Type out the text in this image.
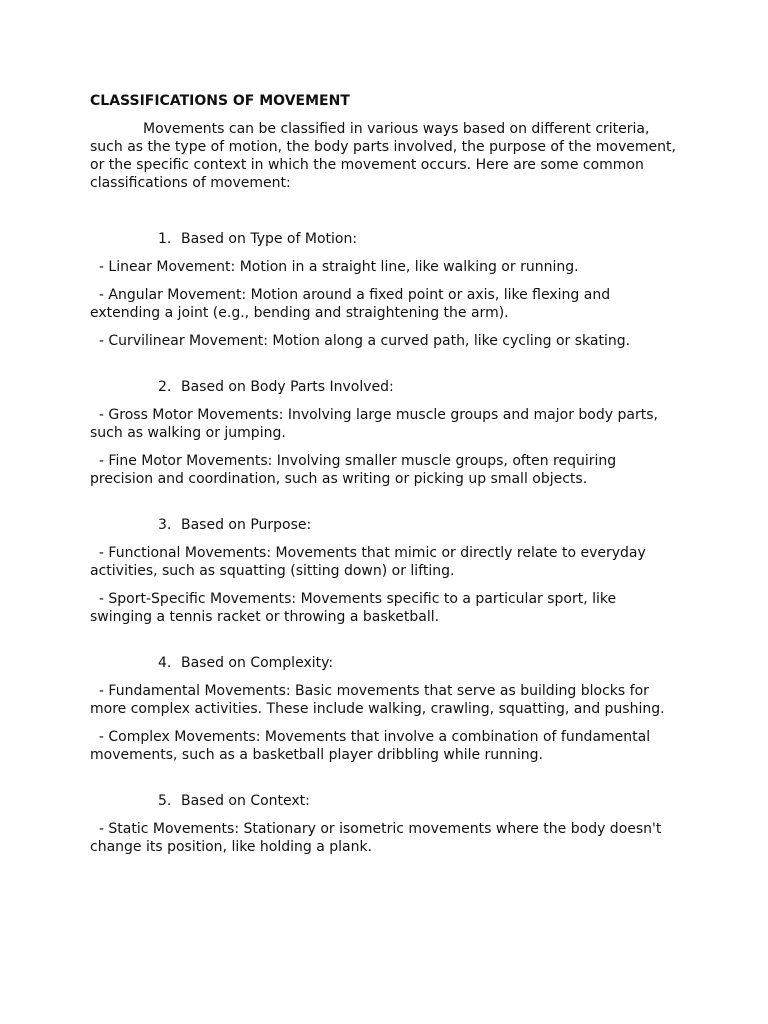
CLASSIFICATIONS OF MOVEMENT

Movements can be classified in various ways based on different criteria, such as the type of motion, the body parts involved, the purpose of the movement, or the specific context in which the movement occurs. Here are some common classifications of movement:

1. Based on Type of Motion:

- Linear Movement: Motion in a straight line, like walking or running.

- Angular Movement: Motion around a fixed point or axis, like flexing and extending a joint (e.g., bending and straightening the arm).

- Curvilinear Movement: Motion along a curved path, like cycling or skating.

2. Based on Body Parts Involved:

- Gross Motor Movements: Involving large muscle groups and major body parts, such as walking or jumping.

- Fine Motor Movements: Involving smaller muscle groups, often requiring precision and coordination, such as writing or picking up small objects.

3. Based on Purpose:

- Functional Movements: Movements that mimic or directly relate to everyday activities, such as squatting (sitting down) or lifting.

- Sport-Specific Movements: Movements specific to a particular sport, like swinging a tennis racket or throwing a basketball.

4. Based on Complexity:

- Fundamental Movements: Basic movements that serve as building blocks for more complex activities. These include walking, crawling, squatting, and pushing.

- Complex Movements: Movements that involve a combination of fundamental movements, such as a basketball player dribbling while running.

5. Based on Context:

- Static Movements: Stationary or isometric movements where the body doesn't change its position, like holding a plank.
